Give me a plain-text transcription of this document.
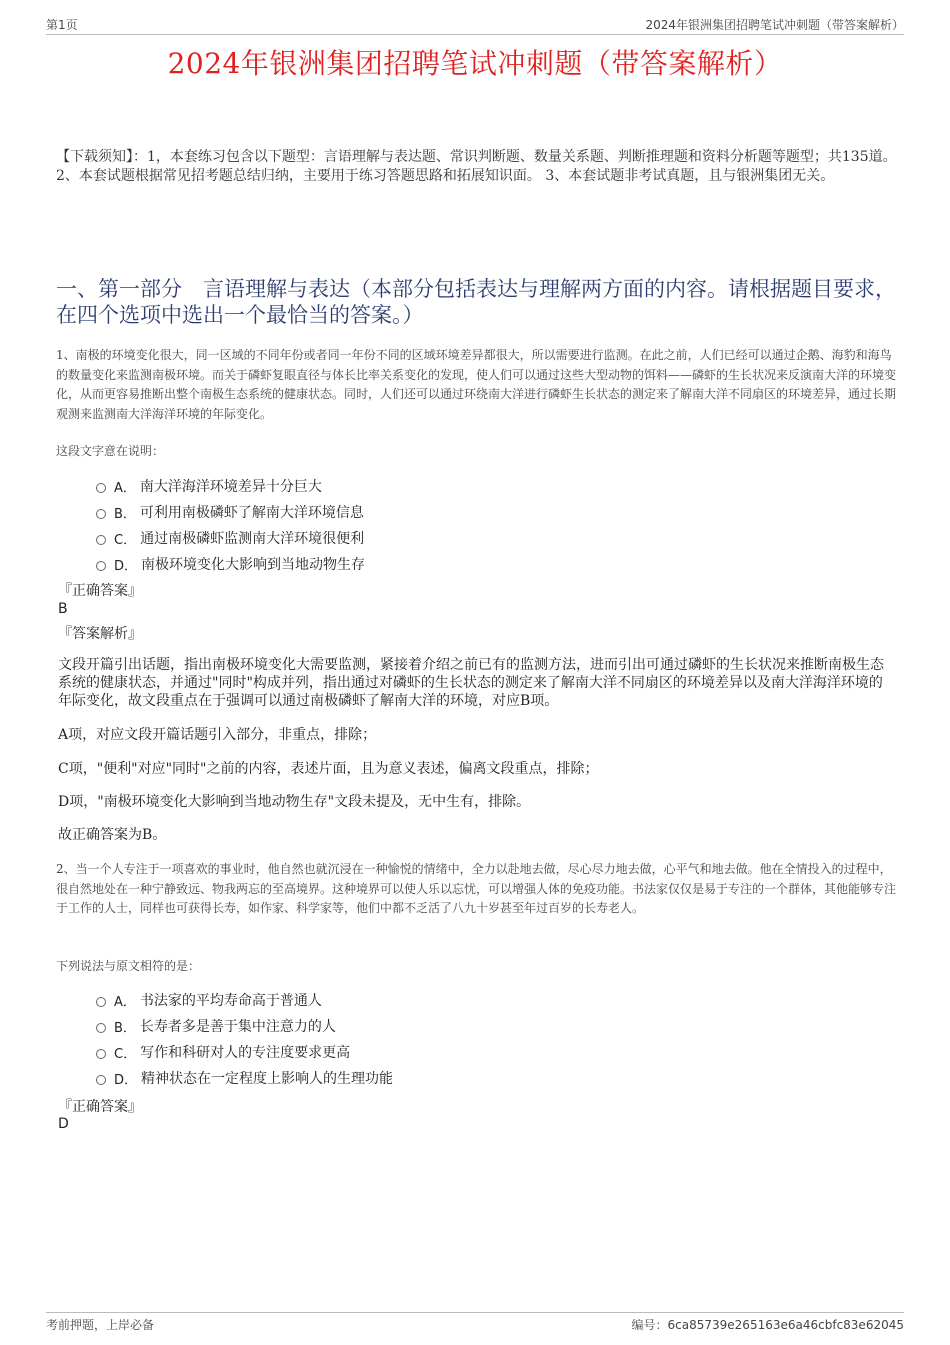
第1页	2024年银洲集团招聘笔试冲刺题（带答案解析）
2024年银洲集团招聘笔试冲刺题（带答案解析）
【下载须知】：1，本套练习包含以下题型：言语理解与表达题、常识判断题、数量关系题、判断推理题和资料分析题等题型；共135道。 2、本套试题根据常见招考题总结归纳，主要用于练习答题思路和拓展知识面。 3、本套试题非考试真题，且与银洲集团无关。
一、第一部分　言语理解与表达（本部分包括表达与理解两方面的内容。请根据题目要求，在四个选项中选出一个最恰当的答案。）
1、南极的环境变化很大，同一区域的不同年份或者同一年份不同的区域环境差异都很大，所以需要进行监测。在此之前，人们已经可以通过企鹅、海豹和海鸟的数量变化来监测南极环境。而关于磷虾复眼直径与体长比率关系变化的发现，使人们可以通过这些大型动物的饵料——磷虾的生长状况来反演南大洋的环境变化，从而更容易推断出整个南极生态系统的健康状态。同时，人们还可以通过环绕南大洋进行磷虾生长状态的测定来了解南大洋不同扇区的环境差异，通过长期观测来监测南大洋海洋环境的年际变化。
这段文字意在说明：
A． 南大洋海洋环境差异十分巨大
B． 可利用南极磷虾了解南大洋环境信息
C． 通过南极磷虾监测南大洋环境很便利
D． 南极环境变化大影响到当地动物生存
『正确答案』
B
『答案解析』
文段开篇引出话题，指出南极环境变化大需要监测，紧接着介绍之前已有的监测方法，进而引出可通过磷虾的生长状况来推断南极生态系统的健康状态，并通过"同时"构成并列，指出通过对磷虾的生长状态的测定来了解南大洋不同扇区的环境差异以及南大洋海洋环境的年际变化，故文段重点在于强调可以通过南极磷虾了解南大洋的环境，对应B项。
A项，对应文段开篇话题引入部分，非重点，排除；
C项，"便利"对应"同时"之前的内容，表述片面，且为意义表述，偏离文段重点，排除；
D项，"南极环境变化大影响到当地动物生存"文段未提及，无中生有，排除。
故正确答案为B。
2、当一个人专注于一项喜欢的事业时，他自然也就沉浸在一种愉悦的情绪中，全力以赴地去做，尽心尽力地去做，心平气和地去做。他在全情投入的过程中，很自然地处在一种宁静致远、物我两忘的至高境界。这种境界可以使人乐以忘忧，可以增强人体的免疫功能。书法家仅仅是易于专注的一个群体，其他能够专注于工作的人士，同样也可获得长寿，如作家、科学家等，他们中都不乏活了八九十岁甚至年过百岁的长寿老人。
下列说法与原文相符的是：
A． 书法家的平均寿命高于普通人
B． 长寿者多是善于集中注意力的人
C． 写作和科研对人的专注度要求更高
D． 精神状态在一定程度上影响人的生理功能
『正确答案』
D
考前押题，上岸必备	编号：6ca85739e265163e6a46cbfc83e62045
